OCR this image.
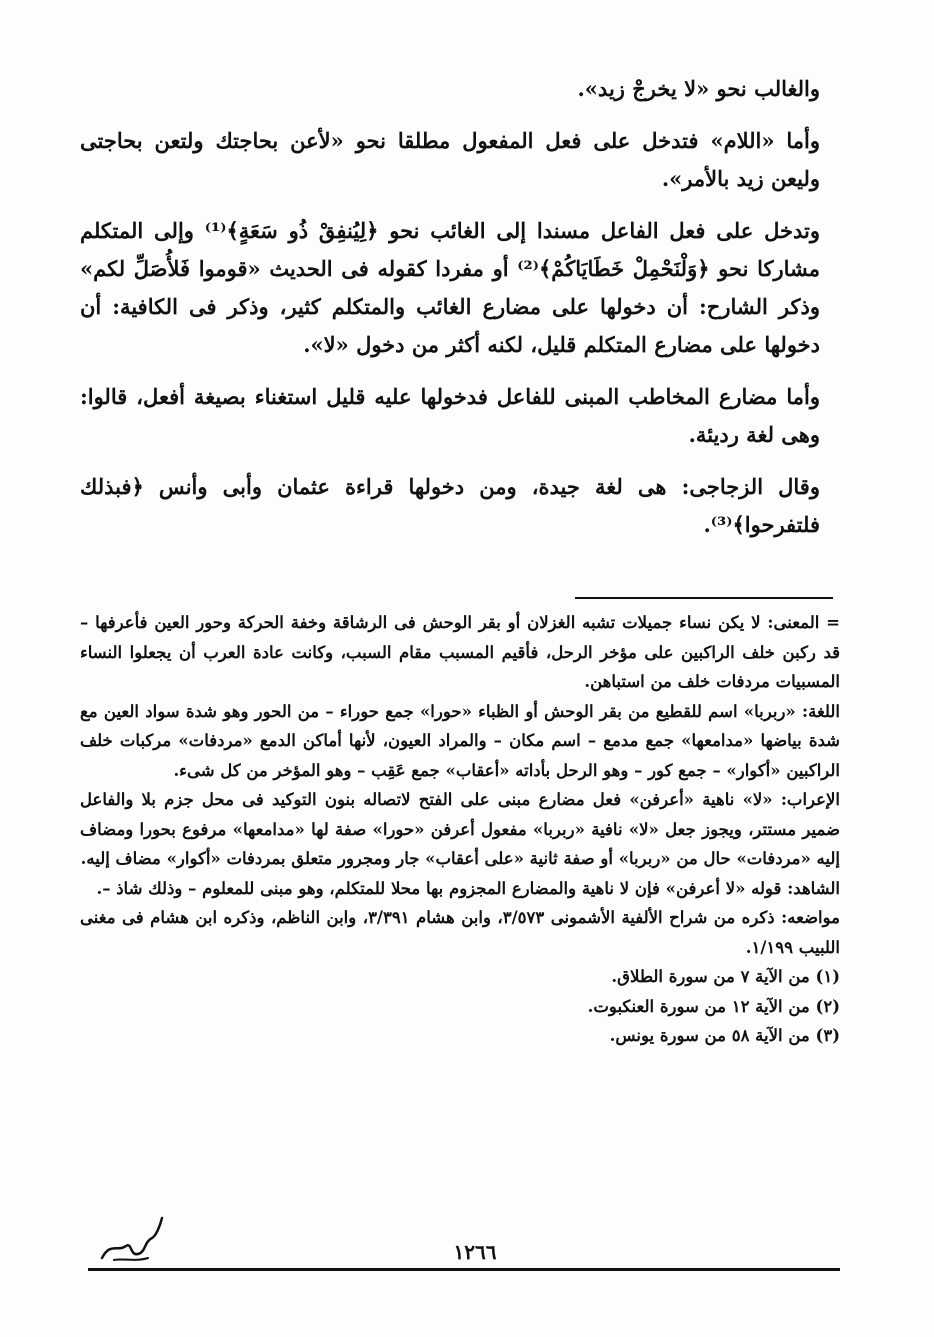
والغالب نحو «لا يخرجْ زيد».

وأما «اللام» فتدخل على فعل المفعول مطلقا نحو «لأعن بحاجتك ولتعن بحاجتى وليعن زيد بالأمر».

وتدخل على فعل الفاعل مسندا إلى الغائب نحو ﴿لِيُنفِقْ ذُو سَعَةٍ﴾⁽¹⁾ وإلى المتكلم مشاركا نحو ﴿وَلْنَحْمِلْ خَطَايَاكُمْ﴾⁽²⁾ أو مفردا كقوله فى الحديث «قوموا فَلأُصَلِّ لكم» وذكر الشارح: أن دخولها على مضارع الغائب والمتكلم كثير، وذكر فى الكافية: أن دخولها على مضارع المتكلم قليل، لكنه أكثر من دخول «لا».

وأما مضارع المخاطب المبنى للفاعل فدخولها عليه قليل استغناء بصيغة أفعل، قالوا: وهى لغة رديئة.

وقال الزجاجى: هى لغة جيدة، ومن دخولها قراءة عثمان وأبى وأنس ﴿فبذلك فلتفرحوا﴾⁽³⁾.

= المعنى: لا يكن نساء جميلات تشبه الغزلان أو بقر الوحش فى الرشاقة وخفة الحركة وحور العين فأعرفها – قد ركبن خلف الراكبين على مؤخر الرحل، فأقيم المسبب مقام السبب، وكانت عادة العرب أن يجعلوا النساء المسبيات مردفات خلف من استباهن.

اللغة: «ربربا» اسم للقطيع من بقر الوحش أو الظباء «حورا» جمع حوراء – من الحور وهو شدة سواد العين مع شدة بياضها «مدامعها» جمع مدمع – اسم مكان – والمراد العيون، لأنها أماكن الدمع «مردفات» مركبات خلف الراكبين «أكوار» – جمع كور – وهو الرحل بأداته «أعقاب» جمع عَقِب – وهو المؤخر من كل شىء.

الإعراب: «لا» ناهية «أعرفن» فعل مضارع مبنى على الفتح لاتصاله بنون التوكيد فى محل جزم بلا والفاعل ضمير مستتر، ويجوز جعل «لا» نافية «ربربا» مفعول أعرفن «حورا» صفة لها «مدامعها» مرفوع بحورا ومضاف إليه «مردفات» حال من «ربربا» أو صفة ثانية «على أعقاب» جار ومجرور متعلق بمردفات «أكوار» مضاف إليه.

الشاهد: قوله «لا أعرفن» فإن لا ناهية والمضارع المجزوم بها محلا للمتكلم، وهو مبنى للمعلوم – وذلك شاذ –.

مواضعه: ذكره من شراح الألفية الأشمونى ٣/٥٧٣، وابن هشام ٣/٣٩١، وابن الناظم، وذكره ابن هشام فى مغنى اللبيب ١/١٩٩.

(١) من الآية ٧ من سورة الطلاق.

(٢) من الآية ١٢ من سورة العنكبوت.

(٣) من الآية ٥٨ من سورة يونس.

١٢٦٦
